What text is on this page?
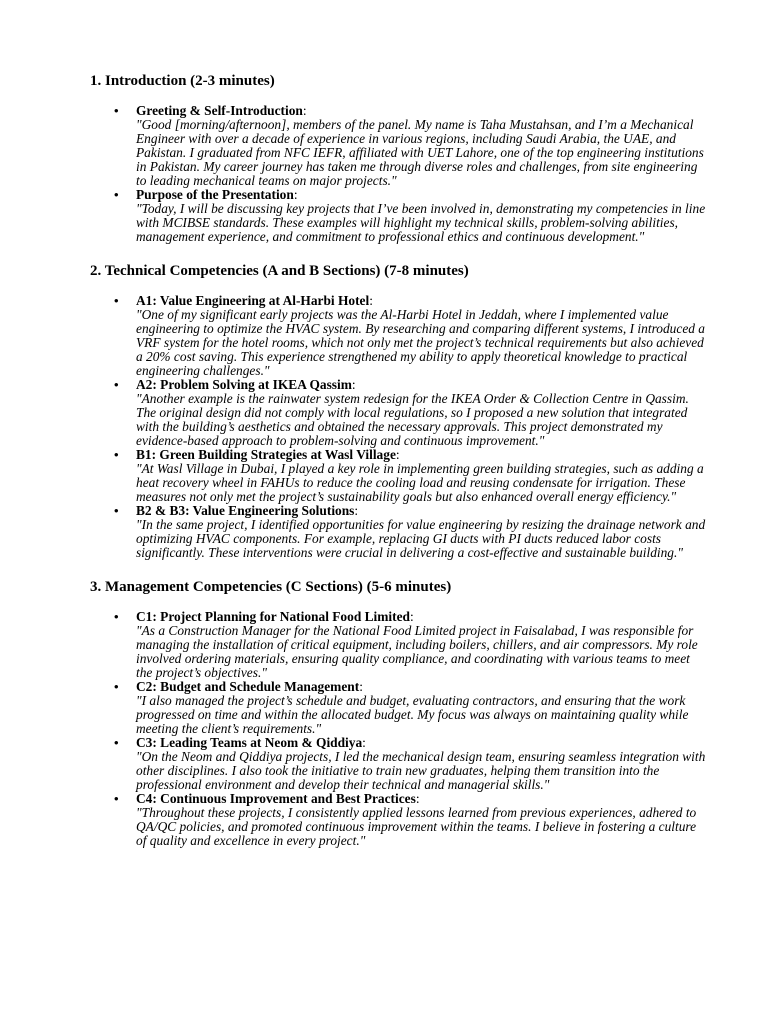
1. Introduction (2-3 minutes)
• Greeting & Self-Introduction:
"Good [morning/afternoon], members of the panel. My name is Taha Mustahsan, and I’m a Mechanical Engineer with over a decade of experience in various regions, including Saudi Arabia, the UAE, and Pakistan. I graduated from NFC IEFR, affiliated with UET Lahore, one of the top engineering institutions in Pakistan. My career journey has taken me through diverse roles and challenges, from site engineering to leading mechanical teams on major projects."
• Purpose of the Presentation:
"Today, I will be discussing key projects that I’ve been involved in, demonstrating my competencies in line with MCIBSE standards. These examples will highlight my technical skills, problem-solving abilities, management experience, and commitment to professional ethics and continuous development."
2. Technical Competencies (A and B Sections) (7-8 minutes)
• A1: Value Engineering at Al-Harbi Hotel:
"One of my significant early projects was the Al-Harbi Hotel in Jeddah, where I implemented value engineering to optimize the HVAC system. By researching and comparing different systems, I introduced a VRF system for the hotel rooms, which not only met the project’s technical requirements but also achieved a 20% cost saving. This experience strengthened my ability to apply theoretical knowledge to practical engineering challenges."
• A2: Problem Solving at IKEA Qassim:
"Another example is the rainwater system redesign for the IKEA Order & Collection Centre in Qassim. The original design did not comply with local regulations, so I proposed a new solution that integrated with the building’s aesthetics and obtained the necessary approvals. This project demonstrated my evidence-based approach to problem-solving and continuous improvement."
• B1: Green Building Strategies at Wasl Village:
"At Wasl Village in Dubai, I played a key role in implementing green building strategies, such as adding a heat recovery wheel in FAHUs to reduce the cooling load and reusing condensate for irrigation. These measures not only met the project’s sustainability goals but also enhanced overall energy efficiency."
• B2 & B3: Value Engineering Solutions:
"In the same project, I identified opportunities for value engineering by resizing the drainage network and optimizing HVAC components. For example, replacing GI ducts with PI ducts reduced labor costs significantly. These interventions were crucial in delivering a cost-effective and sustainable building."
3. Management Competencies (C Sections) (5-6 minutes)
• C1: Project Planning for National Food Limited:
"As a Construction Manager for the National Food Limited project in Faisalabad, I was responsible for managing the installation of critical equipment, including boilers, chillers, and air compressors. My role involved ordering materials, ensuring quality compliance, and coordinating with various teams to meet the project’s objectives."
• C2: Budget and Schedule Management:
"I also managed the project’s schedule and budget, evaluating contractors, and ensuring that the work progressed on time and within the allocated budget. My focus was always on maintaining quality while meeting the client’s requirements."
• C3: Leading Teams at Neom & Qiddiya:
"On the Neom and Qiddiya projects, I led the mechanical design team, ensuring seamless integration with other disciplines. I also took the initiative to train new graduates, helping them transition into the professional environment and develop their technical and managerial skills."
• C4: Continuous Improvement and Best Practices:
"Throughout these projects, I consistently applied lessons learned from previous experiences, adhered to QA/QC policies, and promoted continuous improvement within the teams. I believe in fostering a culture of quality and excellence in every project."
